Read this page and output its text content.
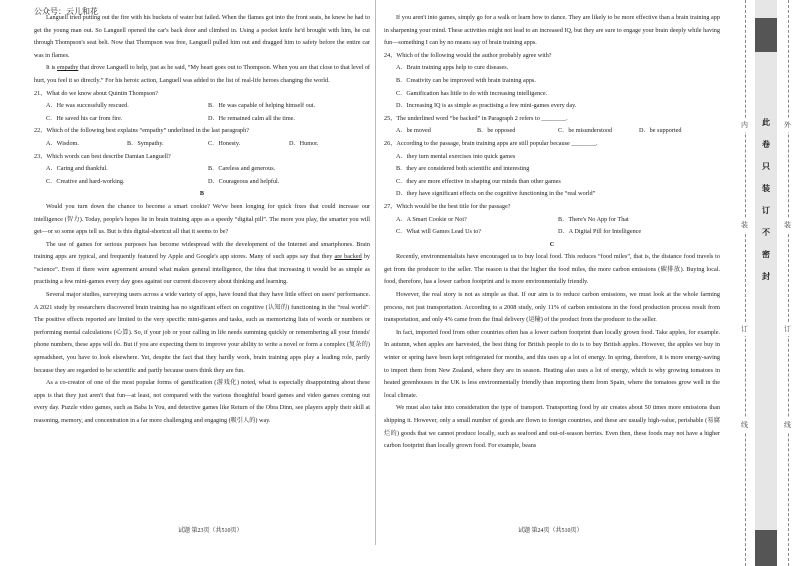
公众号：云儿和花

Languell tried putting out the fire with his buckets of water but failed. When the flames got into the front seats, he knew he had to get the young man out. So Languell opened the car's back door and climbed in. Using a pocket knife he'd brought with him, he cut through Thompson's seat belt. Now that Thompson was free, Languell pulled him out and dragged him to safety before the entire car was in flames.

It is empathy that drove Languell to help, just as he said, “My heart goes out to Thompson. When you are that close to that level of hurt, you feel it so directly.” For his heroic action, Languell was added to the list of real-life heroes changing the world.

21、What do we know about Quintin Thompson?

A．He was successfully rescued.	B．He was capable of helping himself out.
C．He saved his car from fire.	D．He remained calm all the time.

22、Which of the following best explains “empathy” underlined in the last paragraph?

A．Wisdom.	B．Sympathy.	C．Honesty.	D．Humor.

23、Which words can best describe Damian Languell?

A．Caring and thankful.	B．Careless and generous.
C．Creative and hard-working.	D．Courageous and helpful.

B

Would you turn down the chance to become a smart cookie? We've been longing for quick fixes that could increase our intelligence (智力). Today, people's hopes lie in brain training apps as a speedy “digital pill”. The more you play, the smarter you will get—or so some apps tell us. But is this digital-shortcut all that it seems to be?

The use of games for serious purposes has become widespread with the development of the Internet and smartphones. Brain training apps are typical, and frequently featured by Apple and Google's app stores. Many of such apps say that they are backed by “science”. Even if there were agreement around what makes general intelligence, the idea that increasing it would be as simple as practising a few mini-games every day goes against our current discovery about thinking and learning.

Several major studies, surveying users across a wide variety of apps, have found that they have little effect on users' performance. A 2021 study by researchers discovered brain training has no significant effect on cognitive (认知的) functioning in the “real world”. The positive effects reported are limited to the very specific mini-games and tasks, such as memorizing lists of words or numbers or performing mental calculations (心算). So, if your job or your calling in life needs summing quickly or remembering all your friends' phone numbers, these apps will do. But if you are expecting them to improve your ability to write a novel or form a complex (复杂的) spreadsheet, you have to look elsewhere. Yet, despite the fact that they hardly work, brain training apps play a leading role, partly because they are regarded to be scientific and partly because users think they are fun.

As a co-creator of one of the most popular forms of gamification (游戏化) noted, what is especially disappointing about these apps is that they just aren't that fun—at least, not compared with the various thoughtful board games and video games coming out every day. Puzzle video games, such as Baba Is You, and detective games like Return of the Obra Dinn, see players apply their skill at reasoning, memory, and concentration in a far more challenging and engaging (吸引人的) way.

If you aren't into games, simply go for a walk or learn how to dance. They are likely to be more effective than a brain training app in sharpening your mind. These activities might not lead to an increased IQ, but they are sure to engage your brain deeply while having fun—something I can by no means say of brain training apps.

24、Which of the following would the author probably agree with?

A．Brain training apps help to cure diseases.
B．Creativity can be improved with brain training apps.
C．Gamification has little to do with increasing intelligence.
D．Increasing IQ is as simple as practising a few mini-games every day.

25、The underlined word “be backed” in Paragraph 2 refers to ________.

A．be moved	B．be opposed	C．be misunderstood	D．be supported

26、According to the passage, brain training apps are still popular because ________.

A．they turn mental exercises into quick games
B．they are considered both scientific and interesting
C．they are more effective in shaping our minds than other games
D．they have significant effects on the cognitive functioning in the “real world”

27、Which would be the best title for the passage?

A．A Smart Cookie or Not?	B．There's No App for That
C．What will Games Lead Us to?	D．A Digital Pill for Intelligence

C

Recently, environmentalists have encouraged us to buy local food. This reduces “food miles”, that is, the distance food travels to get from the producer to the seller. The reason is that the higher the food miles, the more carbon emissions (碳排放). Buying local. food, therefore, has a lower carbon footprint and is more environmentally friendly.

However, the real story is not as simple as that. If our aim is to reduce carbon emissions, we must look at the whole farming process, not just transportation. According to a 2008 study, only 11% of carbon emissions in the food production process result from transportation, and only 4% came from the final delivery (运输) of the product from the producer to the seller.

In fact, imported food from other countries often has a lower carbon footprint than locally grown food. Take apples, for example. In autumn, when apples are harvested, the best thing for British people to do is to buy British apples. However, the apples we buy in winter or spring have been kept refrigerated for months, and this uses up a lot of energy. In spring, therefore, it is more energy-saving to import them from New Zealand, where they are in season. Heating also uses a lot of energy, which is why growing tomatoes in heated greenhouses in the UK is less environmentally friendly than importing them from Spain, where the tomatoes grow well in the local climate.

We must also take into consideration the type of transport. Transporting food by air creates about 50 times more emissions than shipping it. However, only a small number of goods are flown to foreign countries, and these are usually high-value, perishable (易腐烂的) goods that we cannot produce locally, such as seafood and out-of-season berries. Even then, these foods may not have a higher carbon footprint than locally grown food. For example, beans

试题 第23页（共510页）	试题 第24页（共510页）
此
卷
只
装
订
不
密
封
内
装
订
线
外
装
订
线
